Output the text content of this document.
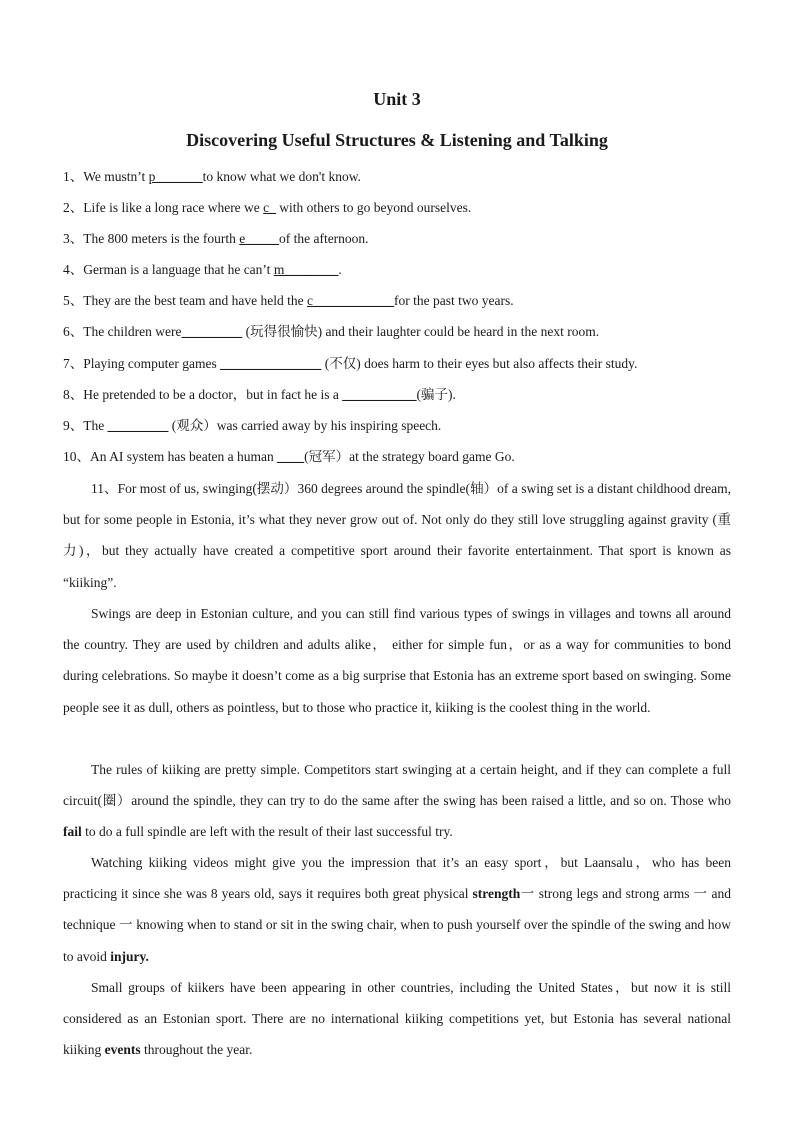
Unit 3
Discovering Useful Structures & Listening and Talking
1、We mustn’t p_______to know what we don't know.
2、Life is like a long race where we c_ with others to go beyond ourselves.
3、The 800 meters is the fourth e_____of the afternoon.
4、German is a language that he can’t m________.
5、They are the best team and have held the c____________for the past two years.
6、The children were_________ (玩得很愉快) and their laughter could be heard in the next room.
7、Playing computer games _______________ (不仅) does harm to their eyes but also affects their study.
8、He pretended to be a doctor，but in fact he is a ___________(骗子).
9、The _________ (观众）was carried away by his inspiring speech.
10、An AI system has beaten a human ____(冠军）at the strategy board game Go.

11、For most of us, swinging(摆动）360 degrees around the spindle(轴）of a swing set is a distant childhood dream, but for some people in Estonia, it’s what they never grow out of. Not only do they still love struggling against gravity (重力)，but they actually have created a competitive sport around their favorite entertainment. That sport is known as “kiiking”.

Swings are deep in Estonian culture, and you can still find various types of swings in villages and towns all around the country. They are used by children and adults alike， either for simple fun，or as a way for communities to bond during celebrations. So maybe it doesn’t come as a big surprise that Estonia has an extreme sport based on swinging. Some people see it as dull, others as pointless, but to those who practice it, kiiking is the coolest thing in the world.

The rules of kiiking are pretty simple. Competitors start swinging at a certain height, and if they can complete a full circuit(圈）around the spindle, they can try to do the same after the swing has been raised a little, and so on. Those who fail to do a full spindle are left with the result of their last successful try.

Watching kiiking videos might give you the impression that it’s an easy sport，but Laansalu，who has been practicing it since she was 8 years old, says it requires both great physical strength一 strong legs and strong arms 一 and technique 一 knowing when to stand or sit in the swing chair, when to push yourself over the spindle of the swing and how to avoid injury.

Small groups of kiikers have been appearing in other countries, including the United States，but now it is still considered as an Estonian sport. There are no international kiiking competitions yet, but Estonia has several national kiiking events throughout the year.
